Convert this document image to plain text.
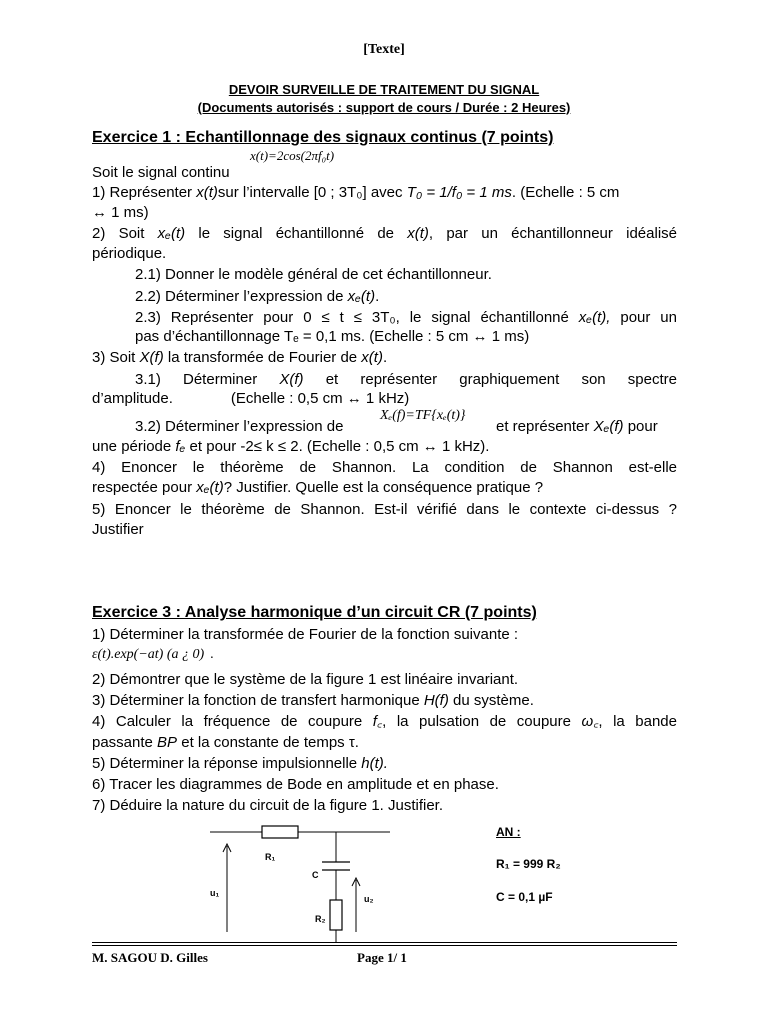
[Texte]
DEVOIR SURVEILLE DE TRAITEMENT DU SIGNAL
(Documents autorisés : support de cours / Durée : 2 Heures)
Exercice 1 : Echantillonnage des signaux continus (7 points)
x(t)=2cos(2πf₀t)
Soit le signal continu
1) Représenter x(t)sur l’intervalle [0 ; 3T₀] avec T₀ = 1/f₀ = 1 ms. (Echelle : 5 cm
↔ 1 ms)
2) Soit xₑ(t) le signal échantillonné de x(t), par un échantillonneur idéalisé
périodique.
2.1) Donner le modèle général de cet échantillonneur.
2.2) Déterminer l’expression de xₑ(t).
2.3) Représenter pour 0 ≤ t ≤ 3T₀, le signal échantillonné xₑ(t), pour un
pas d’échantillonnage Tₑ = 0,1 ms. (Echelle : 5 cm ↔ 1 ms)
3) Soit X(f) la transformée de Fourier de x(t).
3.1) Déterminer X(f) et représenter graphiquement son spectre
d’amplitude.	(Echelle : 0,5 cm ↔ 1 kHz)
3.2) Déterminer l’expression de
Xₑ(f)=TF{xₑ(t)}
et représenter Xₑ(f) pour
une période fₑ et pour -2≤ k ≤ 2. (Echelle : 0,5 cm ↔ 1 kHz).
4) Enoncer le théorème de Shannon. La condition de Shannon est-elle
respectée pour xₑ(t)? Justifier. Quelle est la conséquence pratique ?
5) Enoncer le théorème de Shannon. Est-il vérifié dans le contexte ci-dessus ?
Justifier
Exercice 3 : Analyse harmonique d’un circuit CR (7 points)
1) Déterminer la transformée de Fourier de la fonction suivante :
ε(t).exp(−at) (a ¿ 0) .
2) Démontrer que le système de la figure 1 est linéaire invariant.
3) Déterminer la fonction de transfert harmonique H(f) du système.
4) Calculer la fréquence de coupure f꜀, la pulsation de coupure ω꜀, la bande
passante BP et la constante de temps τ.
5) Déterminer la réponse impulsionnelle h(t).
6) Tracer les diagrammes de Bode en amplitude et en phase.
7) Déduire la nature du circuit de la figure 1. Justifier.
R₁
C
R₂
u₁
u₂
AN :
R₁ = 999 R₂
C = 0,1 µF
M. SAGOU D. Gilles	Page 1/ 1
